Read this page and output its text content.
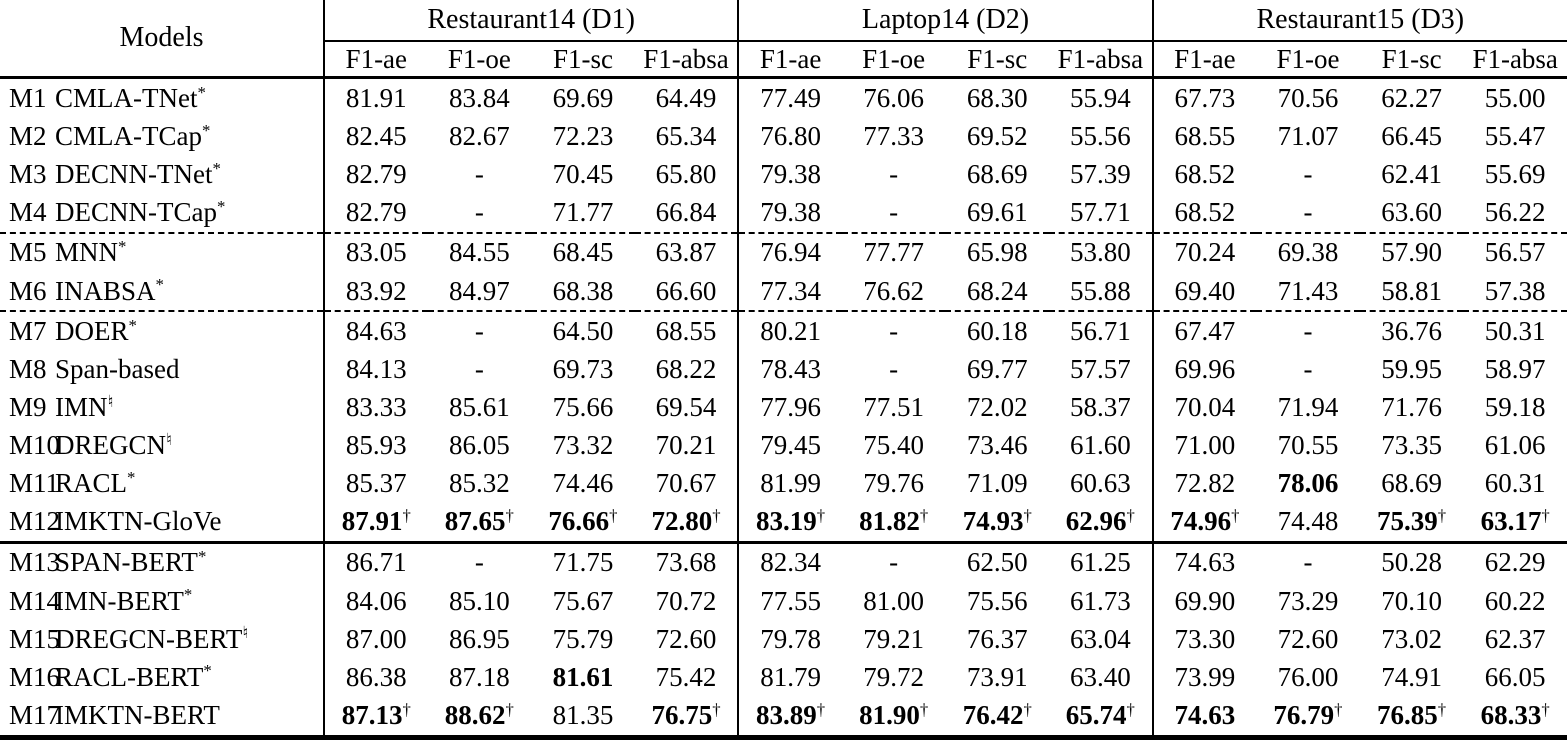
Models	Restaurant14 (D1)				Laptop14 (D2)				Restaurant15 (D3)			
	F1-ae	F1-oe	F1-sc	F1-absa	F1-ae	F1-oe	F1-sc	F1-absa	F1-ae	F1-oe	F1-sc	F1-absa
M1 CMLA-TNet*	81.91	83.84	69.69	64.49	77.49	76.06	68.30	55.94	67.73	70.56	62.27	55.00
M2 CMLA-TCap*	82.45	82.67	72.23	65.34	76.80	77.33	69.52	55.56	68.55	71.07	66.45	55.47
M3 DECNN-TNet*	82.79	-	70.45	65.80	79.38	-	68.69	57.39	68.52	-	62.41	55.69
M4 DECNN-TCap*	82.79	-	71.77	66.84	79.38	-	69.61	57.71	68.52	-	63.60	56.22
M5 MNN*	83.05	84.55	68.45	63.87	76.94	77.77	65.98	53.80	70.24	69.38	57.90	56.57
M6 INABSA*	83.92	84.97	68.38	66.60	77.34	76.62	68.24	55.88	69.40	71.43	58.81	57.38
M7 DOER*	84.63	-	64.50	68.55	80.21	-	60.18	56.71	67.47	-	36.76	50.31
M8 Span-based	84.13	-	69.73	68.22	78.43	-	69.77	57.57	69.96	-	59.95	58.97
M9 IMN♮	83.33	85.61	75.66	69.54	77.96	77.51	72.02	58.37	70.04	71.94	71.76	59.18
M10DREGCN♮	85.93	86.05	73.32	70.21	79.45	75.40	73.46	61.60	71.00	70.55	73.35	61.06
M11RACL*	85.37	85.32	74.46	70.67	81.99	79.76	71.09	60.63	72.82	78.06	68.69	60.31
M12IMKTN-GloVe	87.91†	87.65†	76.66†	72.80†	83.19†	81.82†	74.93†	62.96†	74.96†	74.48	75.39†	63.17†
M13SPAN-BERT*	86.71	-	71.75	73.68	82.34	-	62.50	61.25	74.63	-	50.28	62.29
M14IMN-BERT*	84.06	85.10	75.67	70.72	77.55	81.00	75.56	61.73	69.90	73.29	70.10	60.22
M15DREGCN-BERT♮	87.00	86.95	75.79	72.60	79.78	79.21	76.37	63.04	73.30	72.60	73.02	62.37
M16RACL-BERT*	86.38	87.18	81.61	75.42	81.79	79.72	73.91	63.40	73.99	76.00	74.91	66.05
M17IMKTN-BERT	87.13†	88.62†	81.35	76.75†	83.89†	81.90†	76.42†	65.74†	74.63	76.79†	76.85†	68.33†
